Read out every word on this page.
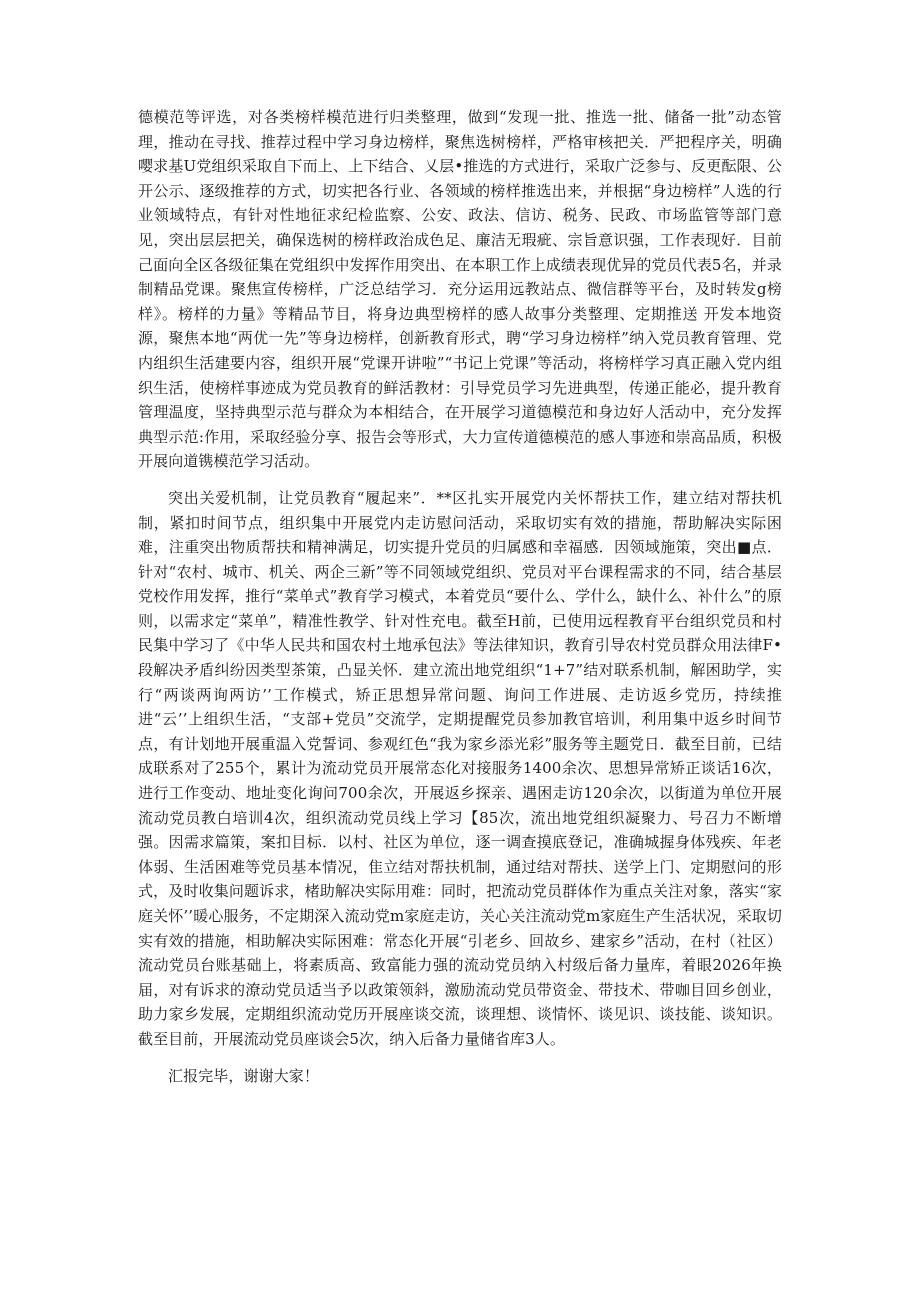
德模范等评选，对各类榜样模范进行归类整理，做到“发现一批、推选一批、储备一批”动态管理，推动在寻找、推荐过程中学习身边榜样，聚焦选树榜样，严格审核把关．严把程序关，明确嘤求基U党组织采取自下而上、上下结合、乂层•推选的方式进行，采取广泛参与、反更酝限、公开公示、逐级推荐的方式，切实把各行业、各领域的榜样推选出来，并根据“身边榜样”人选的行业领域特点，有针对性地征求纪检监察、公安、政法、信访、税务、民政、市场监管等部门意见，突出层层把关，确保选树的榜样政治成色足、廉洁无瑕疵、宗旨意识强，工作表现好．目前己面向全区各级征集在党组织中发挥作用突出、在本职工作上成绩表现优异的党员代表5名，并录制精品党课。聚焦宣传榜样，广泛总结学习．充分运用远教站点、微信群等平台，及时转发g榜样》。榜样的力量》等精品节目，将身边典型榜样的感人故事分类整理、定期推送 开发本地资源，聚焦本地“两优一先”等身边榜样，创新教育形式，聘“学习身边榜样”纳入党员教育管理、党内组织生活建要内容，组织开展“党课开讲啦”“书记上党课”等活动，将榜样学习真正融入党内组织生活，使榜样事迹成为党员教育的鲜活教材：引导党员学习先进典型，传递正能必，提升教育管理温度，坚持典型示范与群众为本相结合，在开展学习道德模范和身边好人活动中，充分发挥典型示范:作用，采取经验分享、报告会等形式，大力宣传道德模范的感人事迹和崇高品质，积极开展向道镌模范学习活动。

突出关爱机制，让党员教育“履起来”．**区扎实开展党内关怀帮扶工作，建立结对帮扶机制，紧扣时间节点，组织集中开展党内走访慰问活动，采取切实有效的措施，帮助解决实际困难，注重突出物质帮扶和精神满足，切实提升党员的归属感和幸福感．因领域施策，突出■点．针对“农村、城市、机关、两企三新”等不同领域党组织、党员对平台课程需求的不同，结合基层党校作用发挥，推行“菜单式”教育学习模式，本着党员“要什么、学什么，缺什么、补什么”的原则，以需求定“菜单”，精准性教学、针对性充电。截至H前，已使用远程教育平台组织党员和村民集中学习了《中华人民共和国农村土地承包法》等法律知识，教育引导农村党员群众用法律F•段解决矛盾纠纷因类型茶策，凸显关怀．建立流出地党组织“1+7”结对联系机制，解困助学，实行“两谈两询两访’’工作模式，矫正思想异常问题、询问工作进展、走访返乡党历，持续推进“云’’上组织生活，“支部+党员”交流学，定期提醒党员参加教官培训，利用集中返乡时间节点，有计划地开展重温入党誓词、参观红色“我为家乡添光彩”服务等主题党日．截至目前，已结成联系对了255个，累计为流动党员开展常态化对接服务1400余次、思想异常矫正谈话16次，进行工作变动、地址变化询问700余次，开展返乡探亲、遇困走访120余次，以街道为单位开展流动党员教白培训4次，组织流动党员线上学习【85次，流出地党组织凝聚力、号召力不断增强。因需求篇策，案扣目标．以村、社区为单位，逐一调查摸底登记，准确城握身体残疾、年老体弱、生活困难等党员基本情况，隹立结对帮扶机制，通过结对帮扶、送学上门、定期慰问的形式，及时收集问题诉求，楮助解决实际用难：同时，把流动党员群体作为重点关注对象，落实“家庭关怀’’暖心服务，不定期深入流动党m家庭走访，关心关注流动党m家庭生产生活状况，采取切实有效的措施，相助解决实际困难：常态化开展“引老乡、回故乡、建家乡”活动，在村（社区）流动党员台账基础上，将素质高、致富能力强的流动党员纳入村级后备力量库，着眼2026年换届，对有诉求的潦动党员适当予以政策领斜，激励流动党员带资金、带技术、带咖目回乡创业，助力家乡发展，定期组织流动党历开展座谈交流，谈理想、谈情怀、谈见识、谈技能、谈知识。截至目前，开展流动党员座谈会5次，纳入后备力量储省库3人。

汇报完毕，谢谢大家！
